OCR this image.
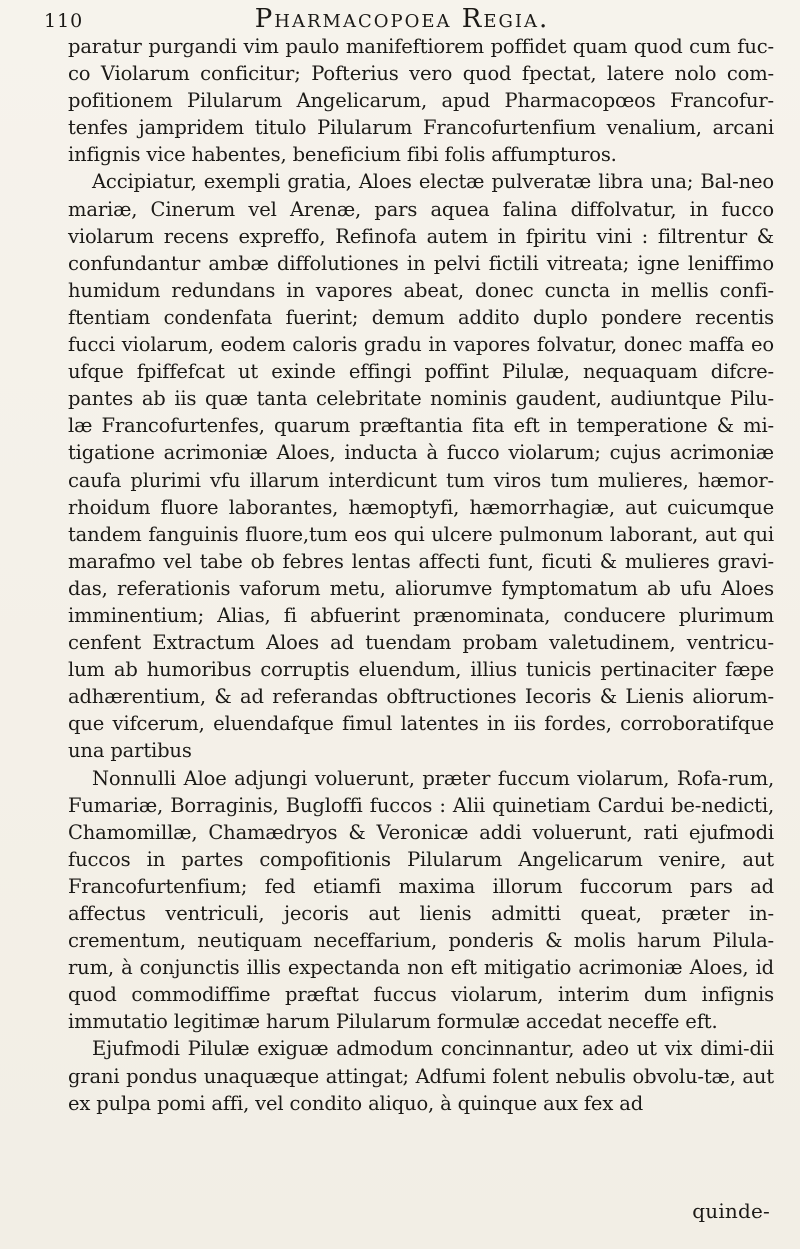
110	Pharmacopoea Regia.

paratur purgandi vim paulo manifeftiorem poffidet quam quod cum fuc-co Violarum conficitur; Pofterius vero quod fpectat, latere nolo com-pofitionem Pilularum Angelicarum, apud Pharmacopœos Francofur-tenfes jampridem titulo Pilularum Francofurtenfium venalium, arcani infignis vice habentes, beneficium fibi folis affumpturos.

Accipiatur, exempli gratia, Aloes electæ pulveratæ libra una; Bal-neo mariæ, Cinerum vel Arenæ, pars aquea falina diffolvatur, in fucco violarum recens expreffo, Refinofa autem in fpiritu vini : filtrentur & confundantur ambæ diffolutiones in pelvi fictili vitreata; igne leniffimo humidum redundans in vapores abeat, donec cuncta in mellis confi-ftentiam condenfata fuerint; demum addito duplo pondere recentis fucci violarum, eodem caloris gradu in vapores folvatur, donec maffa eo ufque fpiffefcat ut exinde effingi poffint Pilulæ, nequaquam difcre-pantes ab iis quæ tanta celebritate nominis gaudent, audiuntque Pilu-læ Francofurtenfes, quarum præftantia fita eft in temperatione & mi-tigatione acrimoniæ Aloes, inducta à fucco violarum; cujus acrimoniæ caufa plurimi vfu illarum interdicunt tum viros tum mulieres, hæmor-rhoidum fluore laborantes, hæmoptyfi, hæmorrhagiæ, aut cuicumque tandem fanguinis fluore,tum eos qui ulcere pulmonum laborant, aut qui marafmo vel tabe ob febres lentas affecti funt, ficuti & mulieres gravi-das, referationis vaforum metu, aliorumve fymptomatum ab ufu Aloes imminentium; Alias, fi abfuerint prænominata, conducere plurimum cenfent Extractum Aloes ad tuendam probam valetudinem, ventricu-lum ab humoribus corruptis eluendum, illius tunicis pertinaciter fæpe adhærentium, & ad referandas obftructiones Iecoris & Lienis aliorum-que vifcerum, eluendafque fimul latentes in iis fordes, corroboratifque una partibus

Nonnulli Aloe adjungi voluerunt, præter fuccum violarum, Rofa-rum, Fumariæ, Borraginis, Bugloffi fuccos : Alii quinetiam Cardui be-nedicti, Chamomillæ, Chamædryos & Veronicæ addi voluerunt, rati ejufmodi fuccos in partes compofitionis Pilularum Angelicarum venire, aut Francofurtenfium; fed etiamfi maxima illorum fuccorum pars ad affectus ventriculi, jecoris aut lienis admitti queat, præter in-crementum, neutiquam neceffarium, ponderis & molis harum Pilula-rum, à conjunctis illis expectanda non eft mitigatio acrimoniæ Aloes, id quod commodiffime præftat fuccus violarum, interim dum infignis immutatio legitimæ harum Pilularum formulæ accedat neceffe eft.

Ejufmodi Pilulæ exiguæ admodum concinnantur, adeo ut vix dimi-dii grani pondus unaquæque attingat; Adfumi folent nebulis obvolu-tæ, aut ex pulpa pomi affi, vel condito aliquo, à quinque aux fex ad

quinde-
